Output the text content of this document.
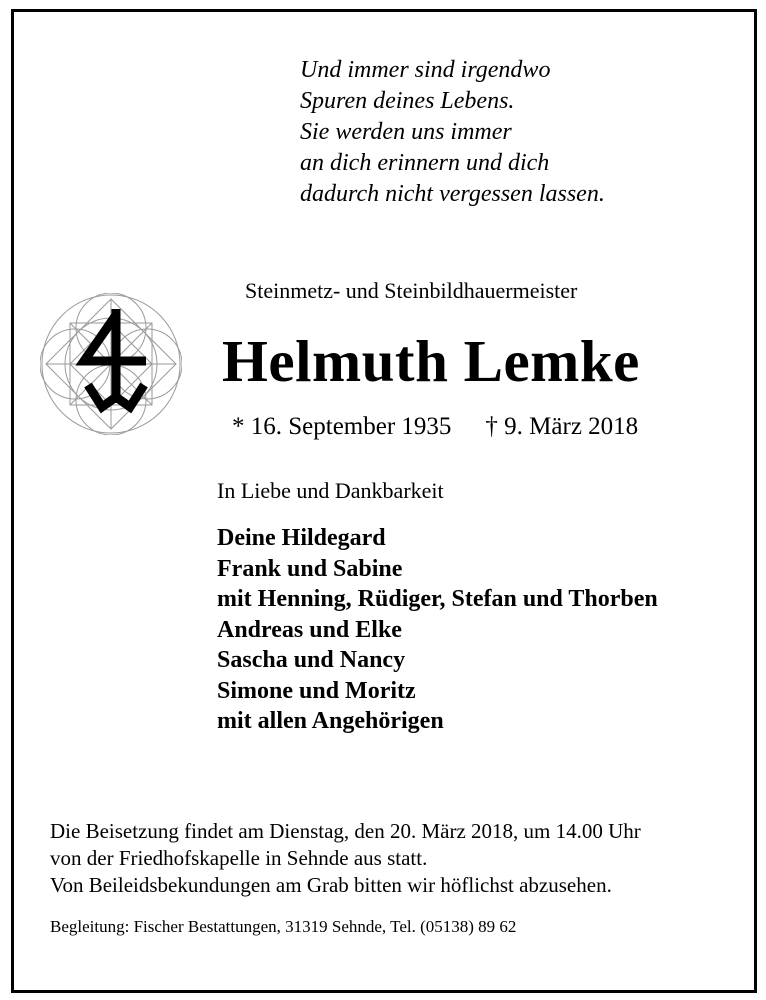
Und immer sind irgendwo
Spuren deines Lebens.
Sie werden uns immer
an dich erinnern und dich
dadurch nicht vergessen lassen.
Steinmetz- und Steinbildhauermeister
Helmuth Lemke
* 16. September 1935 † 9. März 2018
In Liebe und Dankbarkeit
Deine Hildegard
Frank und Sabine
mit Henning, Rüdiger, Stefan und Thorben
Andreas und Elke
Sascha und Nancy
Simone und Moritz
mit allen Angehörigen
Die Beisetzung findet am Dienstag, den 20. März 2018, um 14.00 Uhr
von der Friedhofskapelle in Sehnde aus statt.
Von Beileidsbekundungen am Grab bitten wir höflichst abzusehen.
Begleitung: Fischer Bestattungen, 31319 Sehnde, Tel. (05138) 89 62
